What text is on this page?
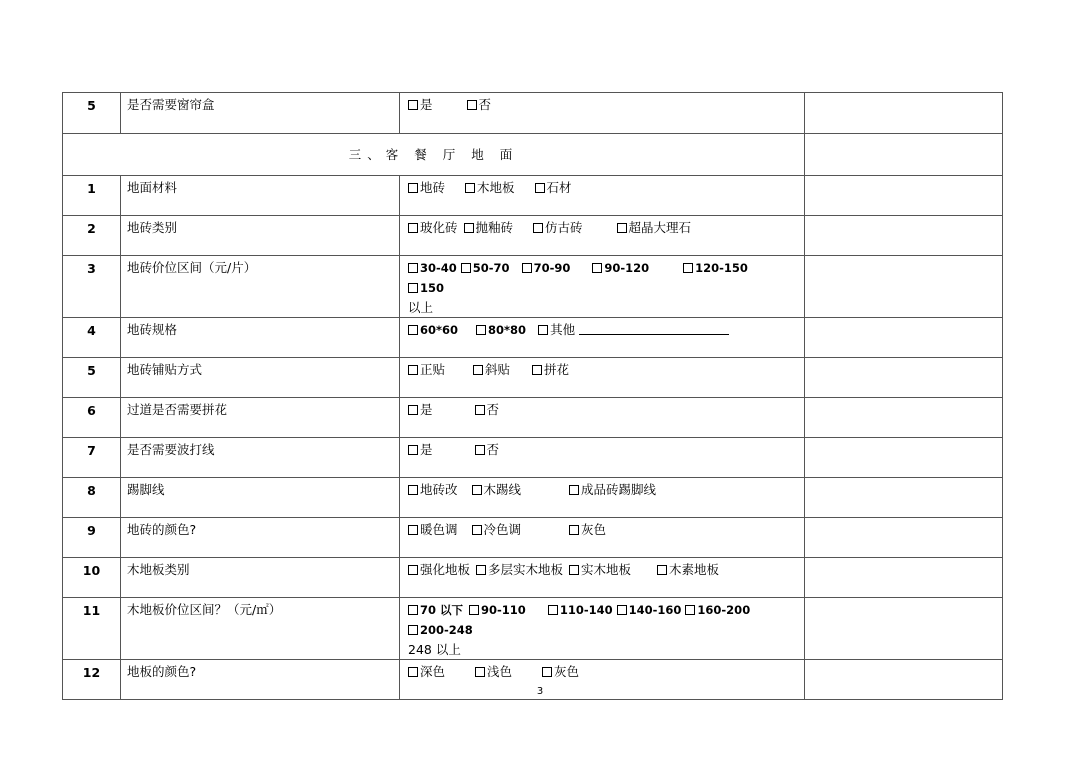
5	是否需要窗帘盒	是 否	
三、客 餐 厅 地 面			
1	地面材料	地砖 木地板 石材	
2	地砖类别	玻化砖 抛釉砖 仿古砖 超晶大理石	
3	地砖价位区间（元/片）	30-40 50-70 70-90 90-120 120-150150
以上	
4	地砖规格	60*60 80*80 其他	
5	地砖铺贴方式	正贴 斜贴 拼花	
6	过道是否需要拼花	是 否	
7	是否需要波打线	是 否	
8	踢脚线	地砖改 木踢线 成品砖踢脚线	
9	地砖的颜色?	暖色调 冷色调 灰色	
10	木地板类别	强化地板 多层实木地板 实木地板 木素地板	
11	木地板价位区间？（元/㎡）	70 以下 90-110 110-140 140-160 160-200200-248
248 以上	
12	地板的颜色?	深色 浅色 灰色	
3
